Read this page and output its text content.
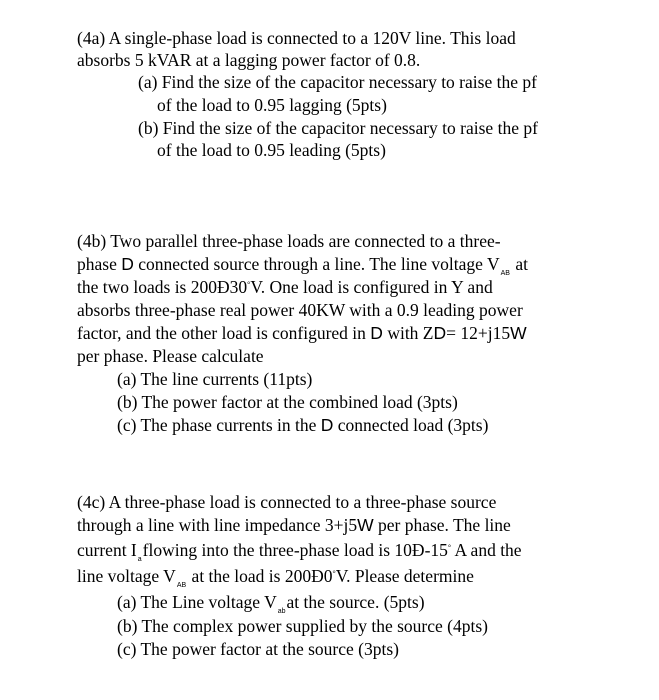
(4a) A single-phase load is connected to a 120V line. This load
absorbs 5 kVAR at a lagging power factor of 0.8.
(a) Find the size of the capacitor necessary to raise the pf
of the load to 0.95 lagging (5pts)
(b) Find the size of the capacitor necessary to raise the pf
of the load to 0.95 leading (5pts)
(4b) Two parallel three-phase loads are connected to a three-
phase D connected source through a line. The line voltage $V_{AB}$ at
the two loads is 200Ð30°V. One load is configured in Y and
absorbs three-phase real power 40KW with a 0.9 leading power
factor, and the other load is configured in D with ZD= 12+j15W
per phase. Please calculate
(a) The line currents (11pts)
(b) The power factor at the combined load (3pts)
(c) The phase currents in the D connected load (3pts)
(4c) A three-phase load is connected to a three-phase source
through a line with line impedance 3+j5W per phase. The line
current $I_aflowing$ into the three-phase load is 10Ð-15° A and the
line voltage $V_{AB}$ at the load is 200Ð0°V. Please determine
(a) The Line voltage $V_{ab}at$ the source. (5pts)
(b) The complex power supplied by the source (4pts)
(c) The power factor at the source (3pts)
